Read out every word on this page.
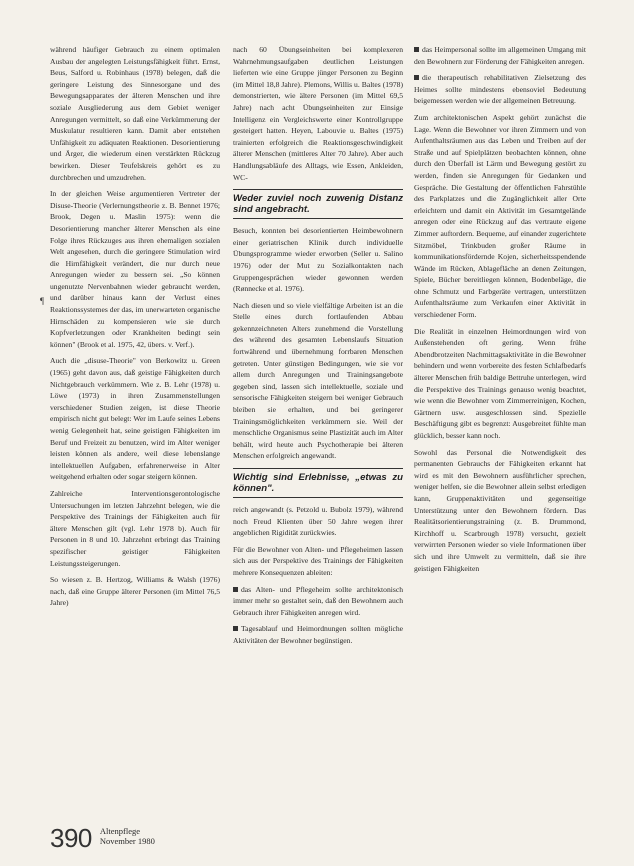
¶

während häufiger Gebrauch zu einem optimalen Ausbau der angelegten Leistungsfähigkeit führt. Ernst, Beus, Salford u. Robinhaus (1978) belegen, daß die geringere Leistung des Sinnesorgane und des Bewegungsapparates der älteren Menschen und ihre soziale Ausgliederung aus dem Gebiet weniger Anregungen vermittelt, so daß eine Verkümmerung der Muskulatur resultieren kann. Damit aber entstehen Unfähigkeit zu adäquaten Reaktionen. Desorientierung und Ärger, die wiederum einen verstärkten Rückzug bewirken. Dieser Teufelskreis gehört es zu durchbrechen und umzudrehen.

In der gleichen Weise argumentieren Vertreter der Disuse-Theorie (Verlernungstheorie z. B. Bennet 1976; Brook, Degen u. Maslin 1975): wenn die Desorientierung mancher älterer Menschen als eine Folge ihres Rückzuges aus ihren ehemaligen sozialen Welt angesehen, durch die geringere Stimulation wird die Hirnfähigkeit verändert, die nur durch neue Anregungen wieder zu bessern sei. „So können ungenutzte Nervenbahnen wieder gebraucht werden, und darüber hinaus kann der Verlust eines Reaktionssystemes der das, im unerwarteten organische Hirnschäden zu kompensieren wie sie durch Kopfverletzungen oder Krankheiten bedingt sein können" (Brook et al. 1975, 42, übers. v. Verf.).

Auch die „disuse-Theorie" von Berkowitz u. Green (1965) geht davon aus, daß geistige Fähigkeiten durch Nichtgebrauch verkümmern. Wie z. B. Lehr (1978) u. Löwe (1973) in ihren Zusammenstellungen verschiedener Studien zeigen, ist diese Theorie empirisch nicht gut belegt: Wer im Laufe seines Lebens wenig Gelegenheit hat, seine geistigen Fähigkeiten im Beruf und Freizeit zu benutzen, wird im Alter weniger leisten können als andere, weil diese lebenslange intellektuellen Aufgaben, erfahrenerweise in Alter weitgehend erhalten oder sogar steigern können.

Zahlreiche Interventionsgerontologische Untersuchungen im letzten Jahrzehnt belegen, wie die Perspektive des Trainings der Fähigkeiten auch für ältere Menschen gilt (vgl. Lehr 1978 b). Auch für Personen in 8 und 10. Jahrzehnt erbringt das Training spezifischer geistiger Fähigkeiten Leistungssteigerungen.

So wiesen z. B. Hertzog, Williams & Walsh (1976) nach, daß eine Gruppe älterer Personen (im Mittel 76,5 Jahre)

nach 60 Übungseinheiten bei komplexeren Wahrnehmungsaufgaben deutlichen Leistungen lieferten wie eine Gruppe jünger Personen zu Beginn (im Mittel 18,8 Jahre). Plemons, Willis u. Baltes (1978) demonstrierten, wie ältere Personen (im Mittel 69,5 Jahre) nach acht Übungseinheiten zur Einsige Intelligenz ein Vergleichswerte einer Kontrollgruppe gesteigert hatten. Heyen, Labouvie u. Baltes (1975) trainierten erfolgreich die Reaktionsgeschwindigkeit älterer Menschen (mittleres Alter 70 Jahre). Aber auch Handlungsabläufe des Alltags, wie Essen, Ankleiden, WC-

Weder zuviel noch zuwenig Distanz sind angebracht.

Besuch, konnten bei desorientierten Heimbewohnern einer geriatrischen Klinik durch individuelle Übungsprogramme wieder erworben (Seller u. Salino 1976) oder der Mut zu Sozialkontakten nach Gruppengesprächen wieder gewonnen werden (Rønnecke et al. 1976).

Nach diesen und so viele vielfältige Arbeiten ist an die Stelle eines durch fortlaufenden Abbau gekennzeichneten Alters zunehmend die Vorstellung des während des gesamten Lebenslaufs Situation fortwährend und übernehmung forrbaren Menschen getreten. Unter günstigen Bedingungen, wie sie vor allem durch Anregungen und Trainingsangebote gegeben sind, lassen sich intellektuelle, soziale und sensorische Fähigkeiten steigern bei weniger Gebrauch bleiben sie erhalten, und bei geringerer Trainingsmöglichkeiten verkümmern sie. Weil der menschliche Organismus seine Plastizität auch im Alter behält, wird heute auch Psychotherapie bei älteren Menschen erfolgreich angewandt.

Wichtig sind Erlebnisse, „etwas zu können".

reich angewandt (s. Petzold u. Bubolz 1979), während noch Freud Klienten über 50 Jahre wegen ihrer angeblichen Rigidität zurückwies.

Für die Bewohner von Alten- und Pflegeheimen lassen sich aus der Perspektive des Trainings der Fähigkeiten mehrere Konsequenzen ableiten:

das Alten- und Pflegeheim sollte architektonisch immer mehr so gestaltet sein, daß den Bewohnern auch Gebrauch ihrer Fähigkeiten anregen wird.

Tagesablauf und Heimordnungen sollten mögliche Aktivitäten der Bewohner begünstigen.

das Heimpersonal sollte im allgemeinen Umgang mit den Bewohnern zur Förderung der Fähigkeiten anregen.

die therapeutisch rehabilitativen Zielsetzung des Heimes sollte mindestens ebensoviel Bedeutung beigemessen werden wie der allgemeinen Betreuung.

Zum architektonischen Aspekt gehört zunächst die Lage. Wenn die Bewohner vor ihren Zimmern und von Aufenthaltsräumen aus das Leben und Treiben auf der Straße und auf Spielplätzen beobachten können, ohne durch den Überfall ist Lärm und Bewegung gestört zu werden, finden sie Anregungen für Gedanken und Gespräche. Die Gestaltung der öffentlichen Fahrstühle des Parkplatzes und die Zugänglichkeit aller Orte erleichtern und damit ein Aktivität im Gesamtgelände anregen oder eine Rückzug auf das vertraute eigene Zimmer auftordern. Bequeme, auf einander zugerichtete Sitzmöbel, Trinkbuden großer Räume in kommunikationsfördernde Kojen, sicherheitsspendende Wände im Rücken, Ablagefläche an denen Zeitungen, Spiele, Bücher bereitliegen können, Bodenbeläge, die ohne Schmutz und Farbgeräte vertragen, unterstützen Aufenthaltsräume zum Verkaufen einer Aktivität in verschiedener Form.

Die Realität in einzelnen Heimordnungen wird von Außenstehenden oft gering. Wenn frühe Abendbrotzeiten Nachmittagsaktivitäte in die Bewohner behindern und wenn vorbereite des festen Schlafbedarfs älterer Menschen früh baldige Bettruhe unterlegen, wird die Perspektive des Trainings genauso wenig beachtet, wie wenn die Bewohner vom Zimmerreinigen, Kochen, Gärtnern usw. ausgeschlossen sind. Spezielle Beschäftigung gibt es begrenzt: Ausgebreitet fühlte man glücklich, besser kann noch.

Sowohl das Personal die Notwendigkeit des permanenten Gebrauchs der Fähigkeiten erkannt hat wird es mit den Bewohnern ausführlicher sprechen, weniger helfen, sie die Bewohner allein selbst erledigen kann, Gruppenaktivitäten und gegenseitige Unterstützung unter den Bewohnern fördern. Das Realitätsorientierungstraining (z. B. Drummond, Kirchhoff u. Scarbrough 1978) versucht, gezielt verwirrten Personen wieder so viele Informationen über sich und ihre Umwelt zu vermitteln, daß sie ihre geistigen Fähigkeiten

390 Altenpflege
November 1980
